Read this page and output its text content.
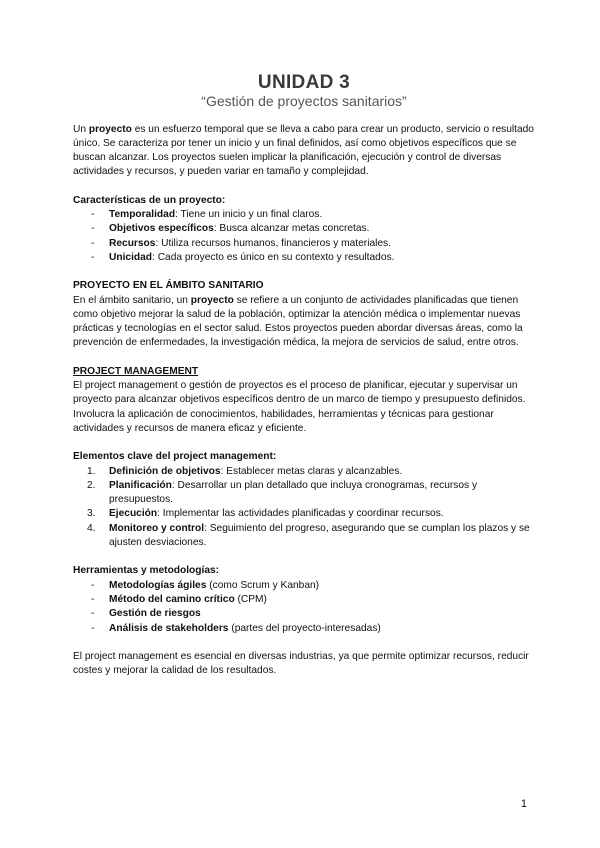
UNIDAD 3

“Gestión de proyectos sanitarios”

Un proyecto es un esfuerzo temporal que se lleva a cabo para crear un producto, servicio o resultado único. Se caracteriza por tener un inicio y un final definidos, así como objetivos específicos que se buscan alcanzar. Los proyectos suelen implicar la planificación, ejecución y control de diversas actividades y recursos, y pueden variar en tamaño y complejidad.

Características de un proyecto:

- Temporalidad: Tiene un inicio y un final claros.
- Objetivos específicos: Busca alcanzar metas concretas.
- Recursos: Utiliza recursos humanos, financieros y materiales.
- Unicidad: Cada proyecto es único en su contexto y resultados.

PROYECTO EN EL ÁMBITO SANITARIO

En el ámbito sanitario, un proyecto se refiere a un conjunto de actividades planificadas que tienen como objetivo mejorar la salud de la población, optimizar la atención médica o implementar nuevas prácticas y tecnologías en el sector salud. Estos proyectos pueden abordar diversas áreas, como la prevención de enfermedades, la investigación médica, la mejora de servicios de salud, entre otros.

PROJECT MANAGEMENT

El project management o gestión de proyectos es el proceso de planificar, ejecutar y supervisar un proyecto para alcanzar objetivos específicos dentro de un marco de tiempo y presupuesto definidos. Involucra la aplicación de conocimientos, habilidades, herramientas y técnicas para gestionar actividades y recursos de manera eficaz y eficiente.

Elementos clave del project management:

1. Definición de objetivos: Establecer metas claras y alcanzables.
2. Planificación: Desarrollar un plan detallado que incluya cronogramas, recursos y presupuestos.
3. Ejecución: Implementar las actividades planificadas y coordinar recursos.
4. Monitoreo y control: Seguimiento del progreso, asegurando que se cumplan los plazos y se ajusten desviaciones.

Herramientas y metodologías:

- Metodologías ágiles (como Scrum y Kanban)
- Método del camino crítico (CPM)
- Gestión de riesgos
- Análisis de stakeholders (partes del proyecto-interesadas)

El project management es esencial en diversas industrias, ya que permite optimizar recursos, reducir costes y mejorar la calidad de los resultados.

1
